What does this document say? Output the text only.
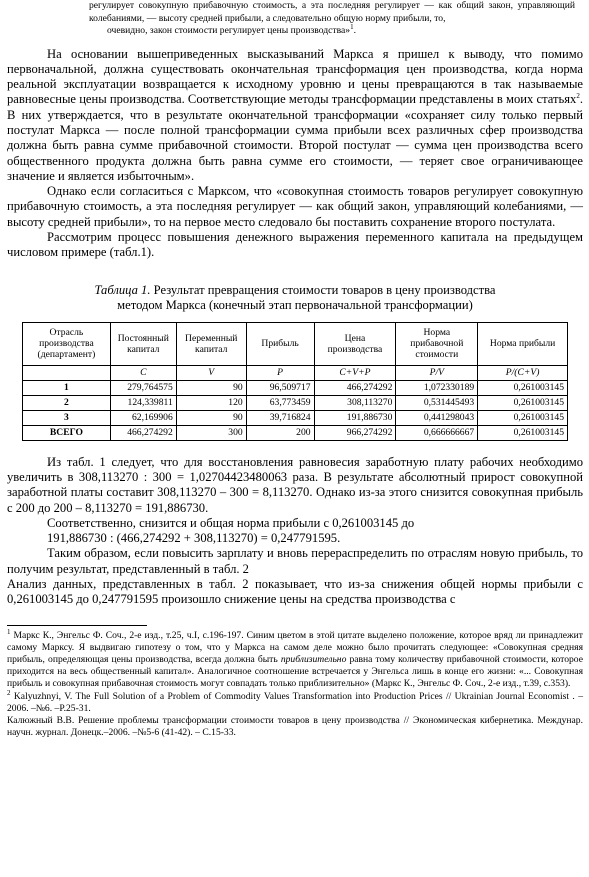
регулирует совокупную прибавочную стоимость, а эта последняя регулирует — как общий закон, управляющий колебаниями, — высоту средней прибыли, а следовательно общую норму прибыли, то,
очевидно, закон стоимости регулирует цены производства»$^1$.

На основании вышеприведенных высказываний Маркса я пришел к выводу, что помимо первоначальной, должна существовать окончательная трансформация цен производства, когда норма реальной эксплуатации возвращается к исходному уровню и цены превращаются в так называемые равновесные цены производства. Соответствующие методы трансформации представлены в моих статьях$^2$. В них утверждается, что в результате окончательной трансформации «сохраняет силу только первый постулат Маркса — после полной трансформации сумма прибыли всех различных сфер производства должна быть равна сумме прибавочной стоимости. Второй постулат — сумма цен производства всего общественного продукта должна быть равна сумме его стоимости, — теряет свое ограничивающее значение и является избыточным».

Однако если согласиться с Марксом, что «совокупная стоимость товаров регулирует совокупную прибавочную стоимость, а эта последняя регулирует — как общий закон, управляющий колебаниями, — высоту средней прибыли», то на первое место следовало бы поставить сохранение второго постулата.

Рассмотрим процесс повышения денежного выражения переменного капитала на предыдущем числовом примере (табл.1).

Таблица 1. Результат превращения стоимости товаров в цену производства
методом Маркса (конечный этап первоначальной трансформации)
Отрасль производства (департамент)	Постоянный капитал	Переменный капитал	Прибыль	Цена производства	Норма прибавочной стоимости	Норма прибыли
	C	V	P	C+V+P	P/V	P/(C+V)
1	279,764575	90	96,509717	466,274292	1,072330189	0,261003145
2	124,339811	120	63,773459	308,113270	0,531445493	0,261003145
3	62,169906	90	39,716824	191,886730	0,441298043	0,261003145
ВСЕГО	466,274292	300	200	966,274292	0,666666667	0,261003145

Из табл. 1 следует, что для восстановления равновесия заработную плату рабочих необходимо увеличить в 308,113270 : 300 = 1,02704423480063 раза. В результате абсолютный прирост совокупной заработной платы составит 308,113270 – 300 = 8,113270. Однако из-за этого снизится совокупная прибыль с 200 до 200 – 8,113270 = 191,886730.

Соответственно, снизится и общая норма прибыли с 0,261003145 до

191,886730 : (466,274292 + 308,113270) = 0,247791595.

Таким образом, если повысить зарплату и вновь перераспределить по отраслям новую прибыль, то получим результат, представленный в табл. 2

Анализ данных, представленных в табл. 2 показывает, что из-за снижения общей нормы прибыли с 0,261003145 до 0,247791595 произошло снижение цены на средства производства с

$^1$ Маркс К., Энгельс Ф. Соч., 2-е изд., т.25, ч.I, с.196-197. Синим цветом в этой цитате выделено положение, которое вряд ли принадлежит самому Марксу. Я выдвигаю гипотезу о том, что у Маркса на самом деле можно было прочитать следующее: «Совокупная средняя прибыль, определяющая цены производства, всегда должна быть приблизительно равна тому количеству прибавочной стоимости, которое приходится на весь общественный капитал». Аналогичное соотношение встречается у Энгельса лишь в конце его жизни: «... Совокупная прибыль и совокупная прибавочная стоимость могут совпадать только приблизительно» (Маркс К., Энгельс Ф. Соч., 2-е изд., т.39, с.353).

$^2$ Kalyuzhnyi, V. The Full Solution of a Problem of Commodity Values Transformation into Production Prices // Ukrainian Journal Economist . –2006. –№6. –P.25-31.

Калюжный В.В. Решение проблемы трансформации стоимости товаров в цену производства // Экономическая кибернетика. Междунар. научн. журнал. Донецк.–2006. –№5-6 (41-42). – С.15-33.
